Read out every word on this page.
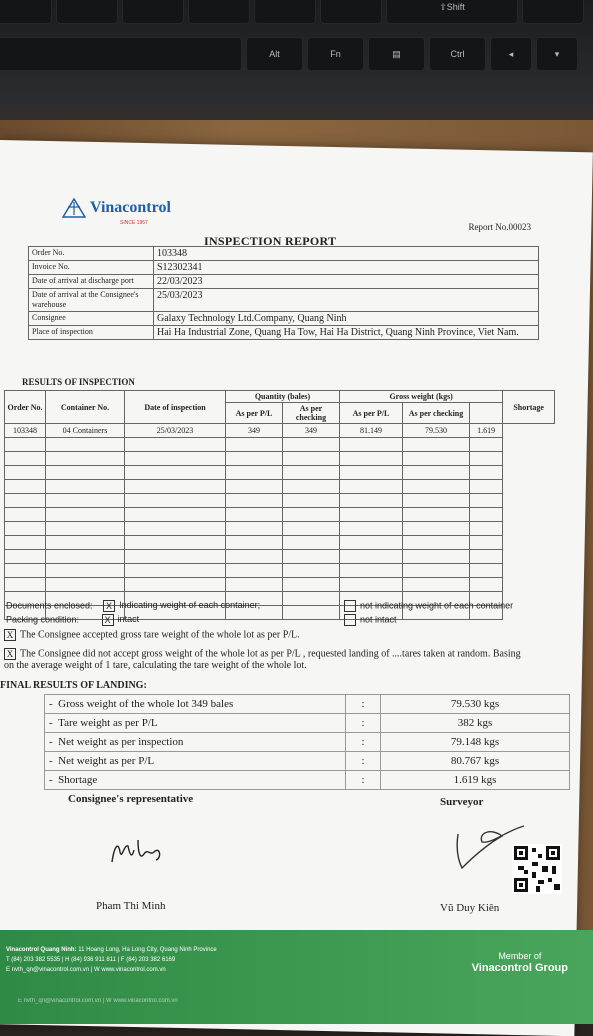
⇧Shift
Alt	Fn	▤	Ctrl	◂	▾
Vinacontrol
SINCE 1957	Report No.00023
INSPECTION REPORT
Order No.	103348
Invoice No.	S12302341
Date of arrival at discharge port	22/03/2023
Date of arrival at the Consignee's warehouse	25/03/2023
Consignee	Galaxy Technology Ltd.Company, Quang Ninh
Place of inspection	Hai Ha Industrial Zone, Quang Ha Tow, Hai Ha District, Quang Ninh Province, Viet Nam.
RESULTS OF INSPECTION
Order No.	Container No.	Date of inspection	Quantity (bales)		Gross weight (kgs)			Shortage
			As per P/L	As per checking	As per P/L	As per checking	
103348	04 Containers	25/03/2023	349	349	81.149	79.530	1.619	

Documents enclosed: X Indicating weight of each container;	not indicating weight of each container
Packing condition:	X intact	not intact
X The Consignee accepted gross tare weight of the whole lot as per P/L.
X The Consignee did not accept gross weight of the whole lot as per P/L , requested landing of ....tares taken at random. Basing on the average weight of 1 tare, calculating the tare weight of the whole lot.
FINAL RESULTS OF LANDING:
-  Gross weight of the whole lot 349 bales	:	79.530 kgs
-  Tare weight as per P/L	:	382 kgs
-  Net weight as per inspection	:	79.148 kgs
-  Net weight as per P/L	:	80.767 kgs
-  Shortage	:	1.619 kgs
Consignee's representative	Surveyor
Pham Thi Minh	Vũ Duy Kiên
Vinacontrol Quang Ninh: 11 Hoang Long, Ha Long City, Quang Ninh Province
T (84) 203 382 5535 | H (84) 936 911 811 | F (84) 203 382 6169
E nvth_qn@vinacontrol.com.vn | W www.vinacontrol.com.vn
Member of
Vinacontrol Group
E nvth_qn@vinacontrol.com.vn | W www.vinacontrol.com.vn
